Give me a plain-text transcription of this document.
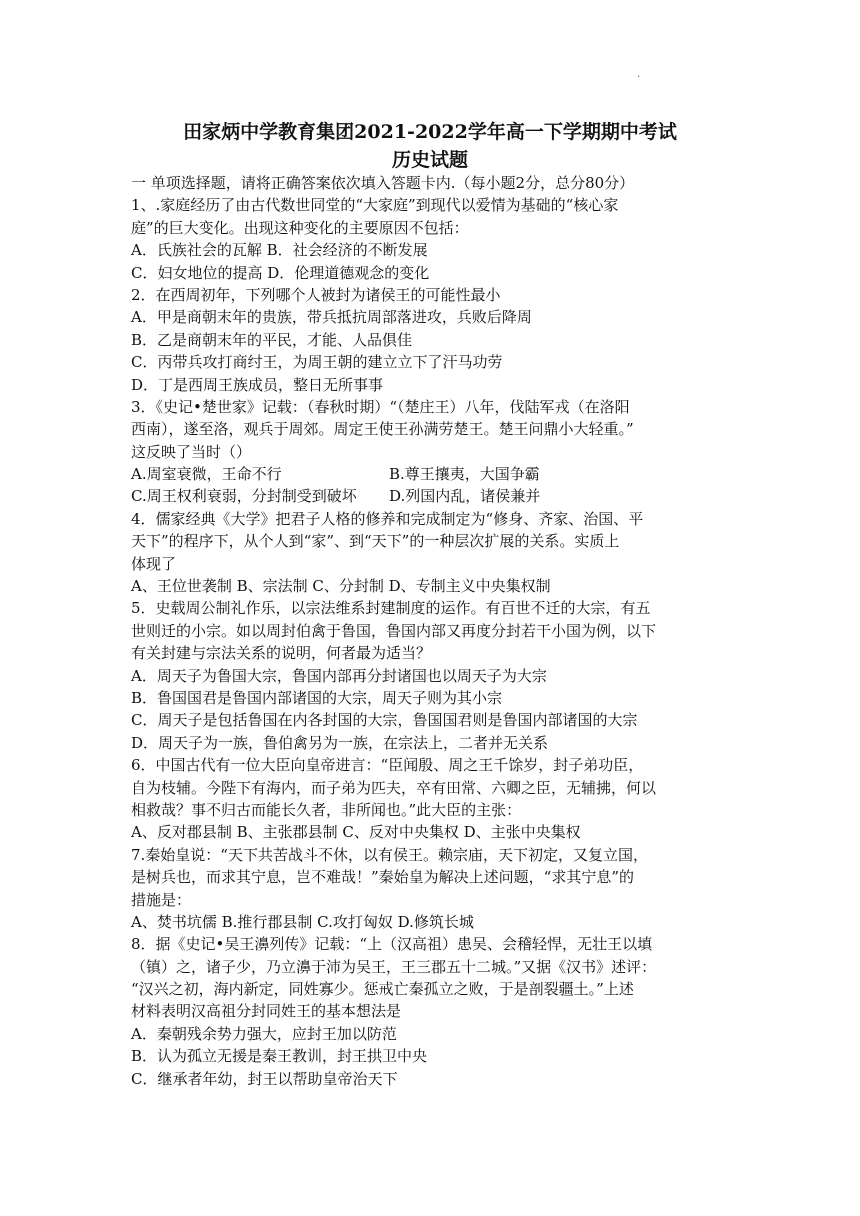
.
田家炳中学教育集团2021-2022学年高一下学期期中考试
历史试题
一 单项选择题，请将正确答案依次填入答题卡内.（每小题2分，总分80分）
1、.家庭经历了由古代数世同堂的“大家庭”到现代以爱情为基础的“核心家
庭”的巨大变化。出现这种变化的主要原因不包括：
A．氏族社会的瓦解 B．社会经济的不断发展
C．妇女地位的提高 D．伦理道德观念的变化
2．在西周初年，下列哪个人被封为诸侯王的可能性最小
A．甲是商朝末年的贵族，带兵抵抗周部落进攻，兵败后降周
B．乙是商朝末年的平民，才能、人品俱佳
C．丙带兵攻打商纣王，为周王朝的建立立下了汗马功劳
D．丁是西周王族成员，整日无所事事
3．《史记•楚世家》记载：（春秋时期）“（楚庄王）八年，伐陆军戎（在洛阳
西南），遂至洛，观兵于周郊。周定王使王孙满劳楚王。楚王问鼎小大轻重。”
这反映了当时（）
A.周室衰微，王命不行	B.尊王攘夷，大国争霸
C.周王权利衰弱，分封制受到破坏	D.列国内乱，诸侯兼并
4．儒家经典《大学》把君子人格的修养和完成制定为“修身、齐家、治国、平
天下”的程序下，从个人到“家”、到“天下”的一种层次扩展的关系。实质上
体现了
A、王位世袭制 B、宗法制 C、分封制 D、专制主义中央集权制
5．史载周公制礼作乐，以宗法维系封建制度的运作。有百世不迁的大宗，有五
世则迁的小宗。如以周封伯禽于鲁国，鲁国内部又再度分封若干小国为例，以下
有关封建与宗法关系的说明，何者最为适当？
A．周天子为鲁国大宗，鲁国内部再分封诸国也以周天子为大宗
B．鲁国国君是鲁国内部诸国的大宗，周天子则为其小宗
C．周天子是包括鲁国在内各封国的大宗，鲁国国君则是鲁国内部诸国的大宗
D．周天子为一族，鲁伯禽另为一族，在宗法上，二者并无关系
6．中国古代有一位大臣向皇帝进言：“臣闻殷、周之王千馀岁，封子弟功臣，
自为枝辅。今陛下有海内，而子弟为匹夫，卒有田常、六卿之臣，无辅拂，何以
相救哉？事不归古而能长久者，非所闻也。”此大臣的主张：
A、反对郡县制 B、主张郡县制 C、反对中央集权 D、主张中央集权
7.秦始皇说：“天下共苦战斗不休，以有侯王。赖宗庙，天下初定，又复立国，
是树兵也，而求其宁息，岂不难哉！”秦始皇为解决上述问题，“求其宁息”的
措施是：
A、焚书坑儒 B.推行郡县制 C.攻打匈奴 D.修筑长城
8．据《史记•吴王濞列传》记载：“上（汉高祖）患吴、会稽轻悍，无壮王以填
（镇）之，诸子少，乃立濞于沛为吴王，王三郡五十二城。”又据《汉书》述评：
“汉兴之初，海内新定，同姓寡少。惩戒亡秦孤立之败，于是剖裂疆土。”上述
材料表明汉高祖分封同姓王的基本想法是
A．秦朝残余势力强大，应封王加以防范
B．认为孤立无援是秦王教训，封王拱卫中央
C．继承者年幼，封王以帮助皇帝治天下
